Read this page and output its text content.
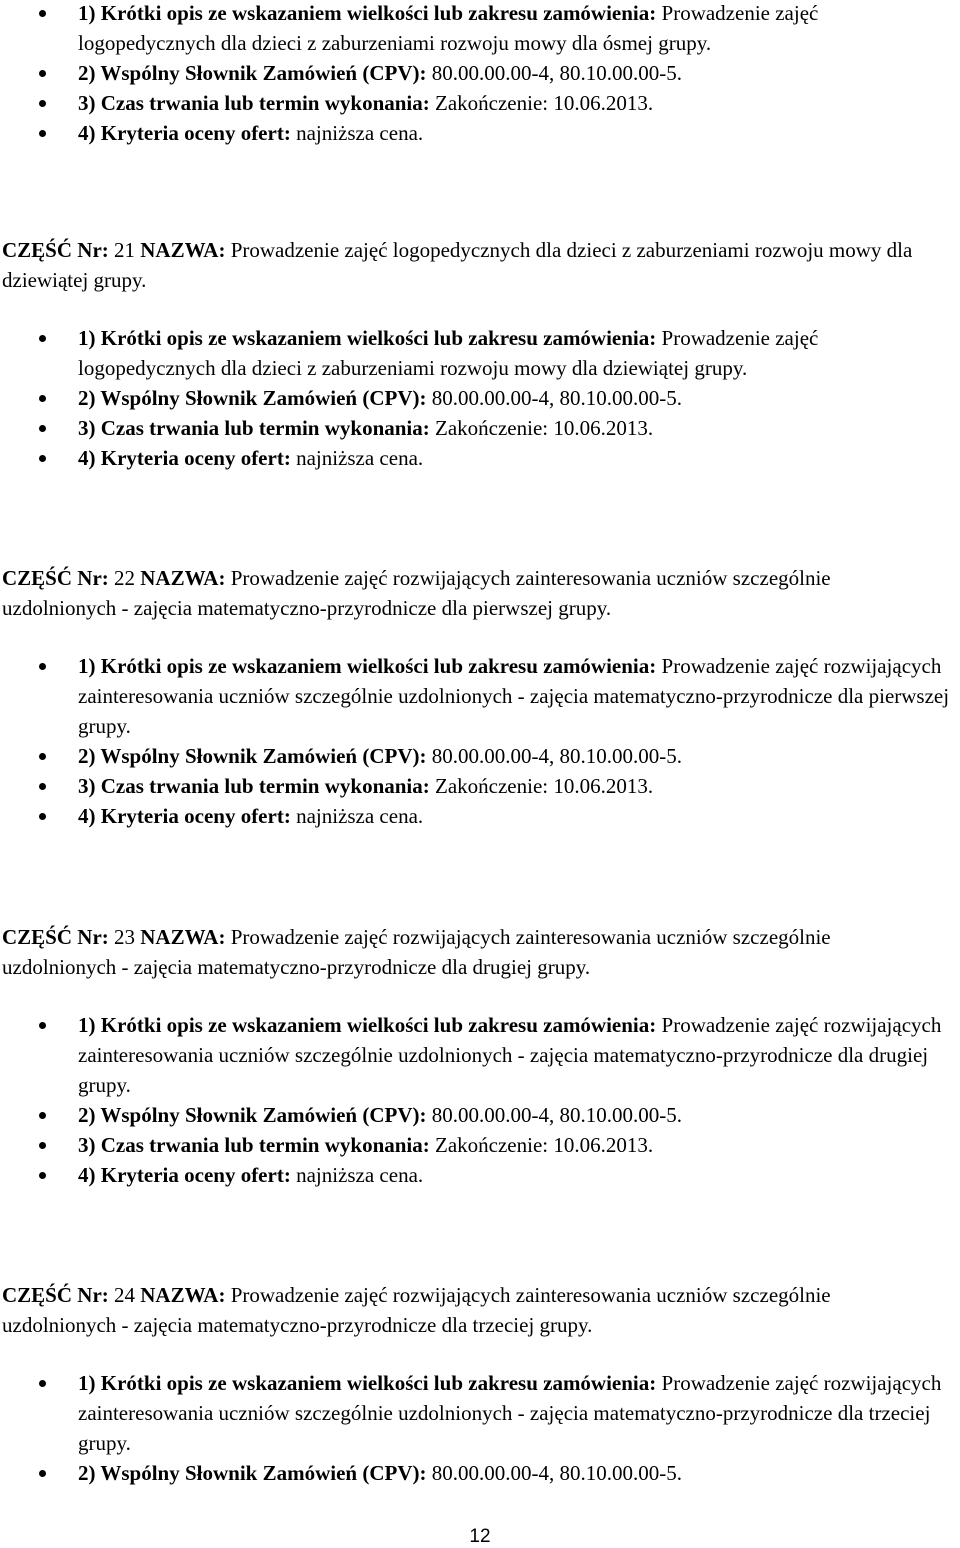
1) Krótki opis ze wskazaniem wielkości lub zakresu zamówienia: Prowadzenie zajęć logopedycznych dla dzieci z zaburzeniami rozwoju mowy dla ósmej grupy.
2) Wspólny Słownik Zamówień (CPV): 80.00.00.00-4, 80.10.00.00-5.
3) Czas trwania lub termin wykonania: Zakończenie: 10.06.2013.
4) Kryteria oceny ofert: najniższa cena.

CZĘŚĆ Nr: 21 NAZWA: Prowadzenie zajęć logopedycznych dla dzieci z zaburzeniami rozwoju mowy dla dziewiątej grupy.

1) Krótki opis ze wskazaniem wielkości lub zakresu zamówienia: Prowadzenie zajęć logopedycznych dla dzieci z zaburzeniami rozwoju mowy dla dziewiątej grupy.
2) Wspólny Słownik Zamówień (CPV): 80.00.00.00-4, 80.10.00.00-5.
3) Czas trwania lub termin wykonania: Zakończenie: 10.06.2013.
4) Kryteria oceny ofert: najniższa cena.

CZĘŚĆ Nr: 22 NAZWA: Prowadzenie zajęć rozwijających zainteresowania uczniów szczególnie uzdolnionych - zajęcia matematyczno-przyrodnicze dla pierwszej grupy.

1) Krótki opis ze wskazaniem wielkości lub zakresu zamówienia: Prowadzenie zajęć rozwijających zainteresowania uczniów szczególnie uzdolnionych - zajęcia matematyczno-przyrodnicze dla pierwszej grupy.
2) Wspólny Słownik Zamówień (CPV): 80.00.00.00-4, 80.10.00.00-5.
3) Czas trwania lub termin wykonania: Zakończenie: 10.06.2013.
4) Kryteria oceny ofert: najniższa cena.

CZĘŚĆ Nr: 23 NAZWA: Prowadzenie zajęć rozwijających zainteresowania uczniów szczególnie uzdolnionych - zajęcia matematyczno-przyrodnicze dla drugiej grupy.

1) Krótki opis ze wskazaniem wielkości lub zakresu zamówienia: Prowadzenie zajęć rozwijających zainteresowania uczniów szczególnie uzdolnionych - zajęcia matematyczno-przyrodnicze dla drugiej grupy.
2) Wspólny Słownik Zamówień (CPV): 80.00.00.00-4, 80.10.00.00-5.
3) Czas trwania lub termin wykonania: Zakończenie: 10.06.2013.
4) Kryteria oceny ofert: najniższa cena.

CZĘŚĆ Nr: 24 NAZWA: Prowadzenie zajęć rozwijających zainteresowania uczniów szczególnie uzdolnionych - zajęcia matematyczno-przyrodnicze dla trzeciej grupy.

1) Krótki opis ze wskazaniem wielkości lub zakresu zamówienia: Prowadzenie zajęć rozwijających zainteresowania uczniów szczególnie uzdolnionych - zajęcia matematyczno-przyrodnicze dla trzeciej grupy.
2) Wspólny Słownik Zamówień (CPV): 80.00.00.00-4, 80.10.00.00-5.
12
